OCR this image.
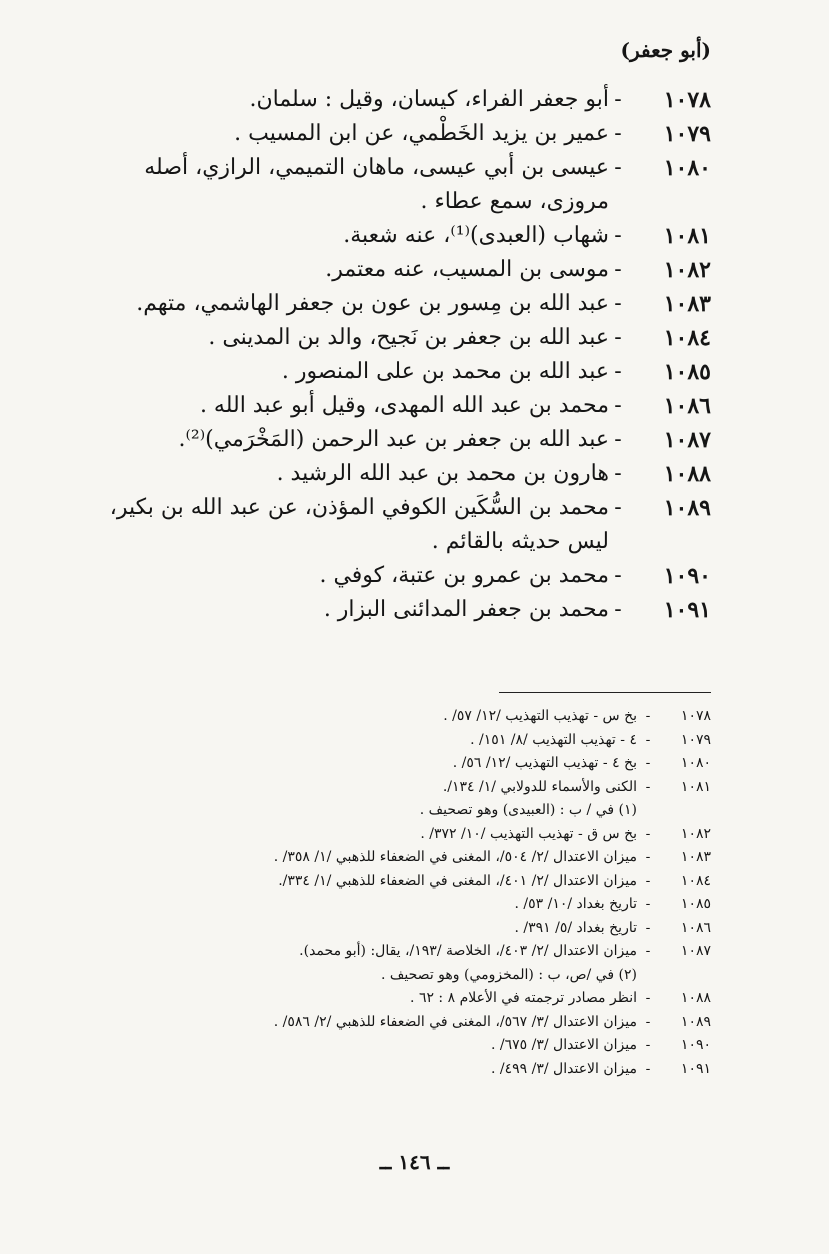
(أبو جعفر)
١٠٧٨
-
أبو جعفر الفراء، كيسان، وقيل : سلمان.
١٠٧٩
-
عمير بن يزيد الخَطْمي، عن ابن المسيب .
١٠٨٠
-
عيسى بن أبي عيسى، ماهان التميمي، الرازي، أصله مروزى، سمع عطاء .
١٠٨١
-
شهاب (العبدى)⁽¹⁾، عنه شعبة.
١٠٨٢
-
موسى بن المسيب، عنه معتمر.
١٠٨٣
-
عبد الله بن مِسور بن عون بن جعفر الهاشمي، متهم.
١٠٨٤
-
عبد الله بن جعفر بن نَجيح، والد بن المدينى .
١٠٨٥
-
عبد الله بن محمد بن على المنصور .
١٠٨٦
-
محمد بن عبد الله المهدى، وقيل أبو عبد الله .
١٠٨٧
-
عبد الله بن جعفر بن عبد الرحمن (المَخْرَمي)⁽²⁾.
١٠٨٨
-
هارون بن محمد بن عبد الله الرشيد .
١٠٨٩
-
محمد بن السُّكَين الكوفي المؤذن، عن عبد الله بن بكير، ليس حديثه بالقائم .
١٠٩٠
-
محمد بن عمرو بن عتبة، كوفي .
١٠٩١
-
محمد بن جعفر المدائنى البزار .
١٠٧٨
-
بخ س - تهذيب التهذيب /١٢/ ٥٧/ .
١٠٧٩
-
٤ - تهذيب التهذيب /٨/ ١٥١/ .
١٠٨٠
-
بخ ٤ - تهذيب التهذيب /١٢/ ٥٦/ .
١٠٨١
-
الكنى والأسماء للدولابي /١/ ١٣٤/.
(١) في / ب : (العبيدى) وهو تصحيف .
١٠٨٢
-
بخ س ق - تهذيب التهذيب /١٠/ ٣٧٢/ .
١٠٨٣
-
ميزان الاعتدال /٢/ ٥٠٤/، المغنى في الضعفاء للذهبي /١/ ٣٥٨/ .
١٠٨٤
-
ميزان الاعتدال /٢/ ٤٠١/، المغنى في الضعفاء للذهبي /١/ ٣٣٤/.
١٠٨٥
-
تاريخ بغداد /١٠/ ٥٣/ .
١٠٨٦
-
تاريخ بغداد /٥/ ٣٩١/ .
١٠٨٧
-
ميزان الاعتدال /٢/ ٤٠٣/، الخلاصة /١٩٣/، يقال: (أبو محمد).
(٢) في /ص، ب : (المخزومي) وهو تصحيف .
١٠٨٨
-
انظر مصادر ترجمته في الأعلام ٨ : ٦٢ .
١٠٨٩
-
ميزان الاعتدال /٣/ ٥٦٧/، المغنى في الضعفاء للذهبي /٢/ ٥٨٦/ .
١٠٩٠
-
ميزان الاعتدال /٣/ ٦٧٥/ .
١٠٩١
-
ميزان الاعتدال /٣/ ٤٩٩/ .
ــ ١٤٦ ــ
